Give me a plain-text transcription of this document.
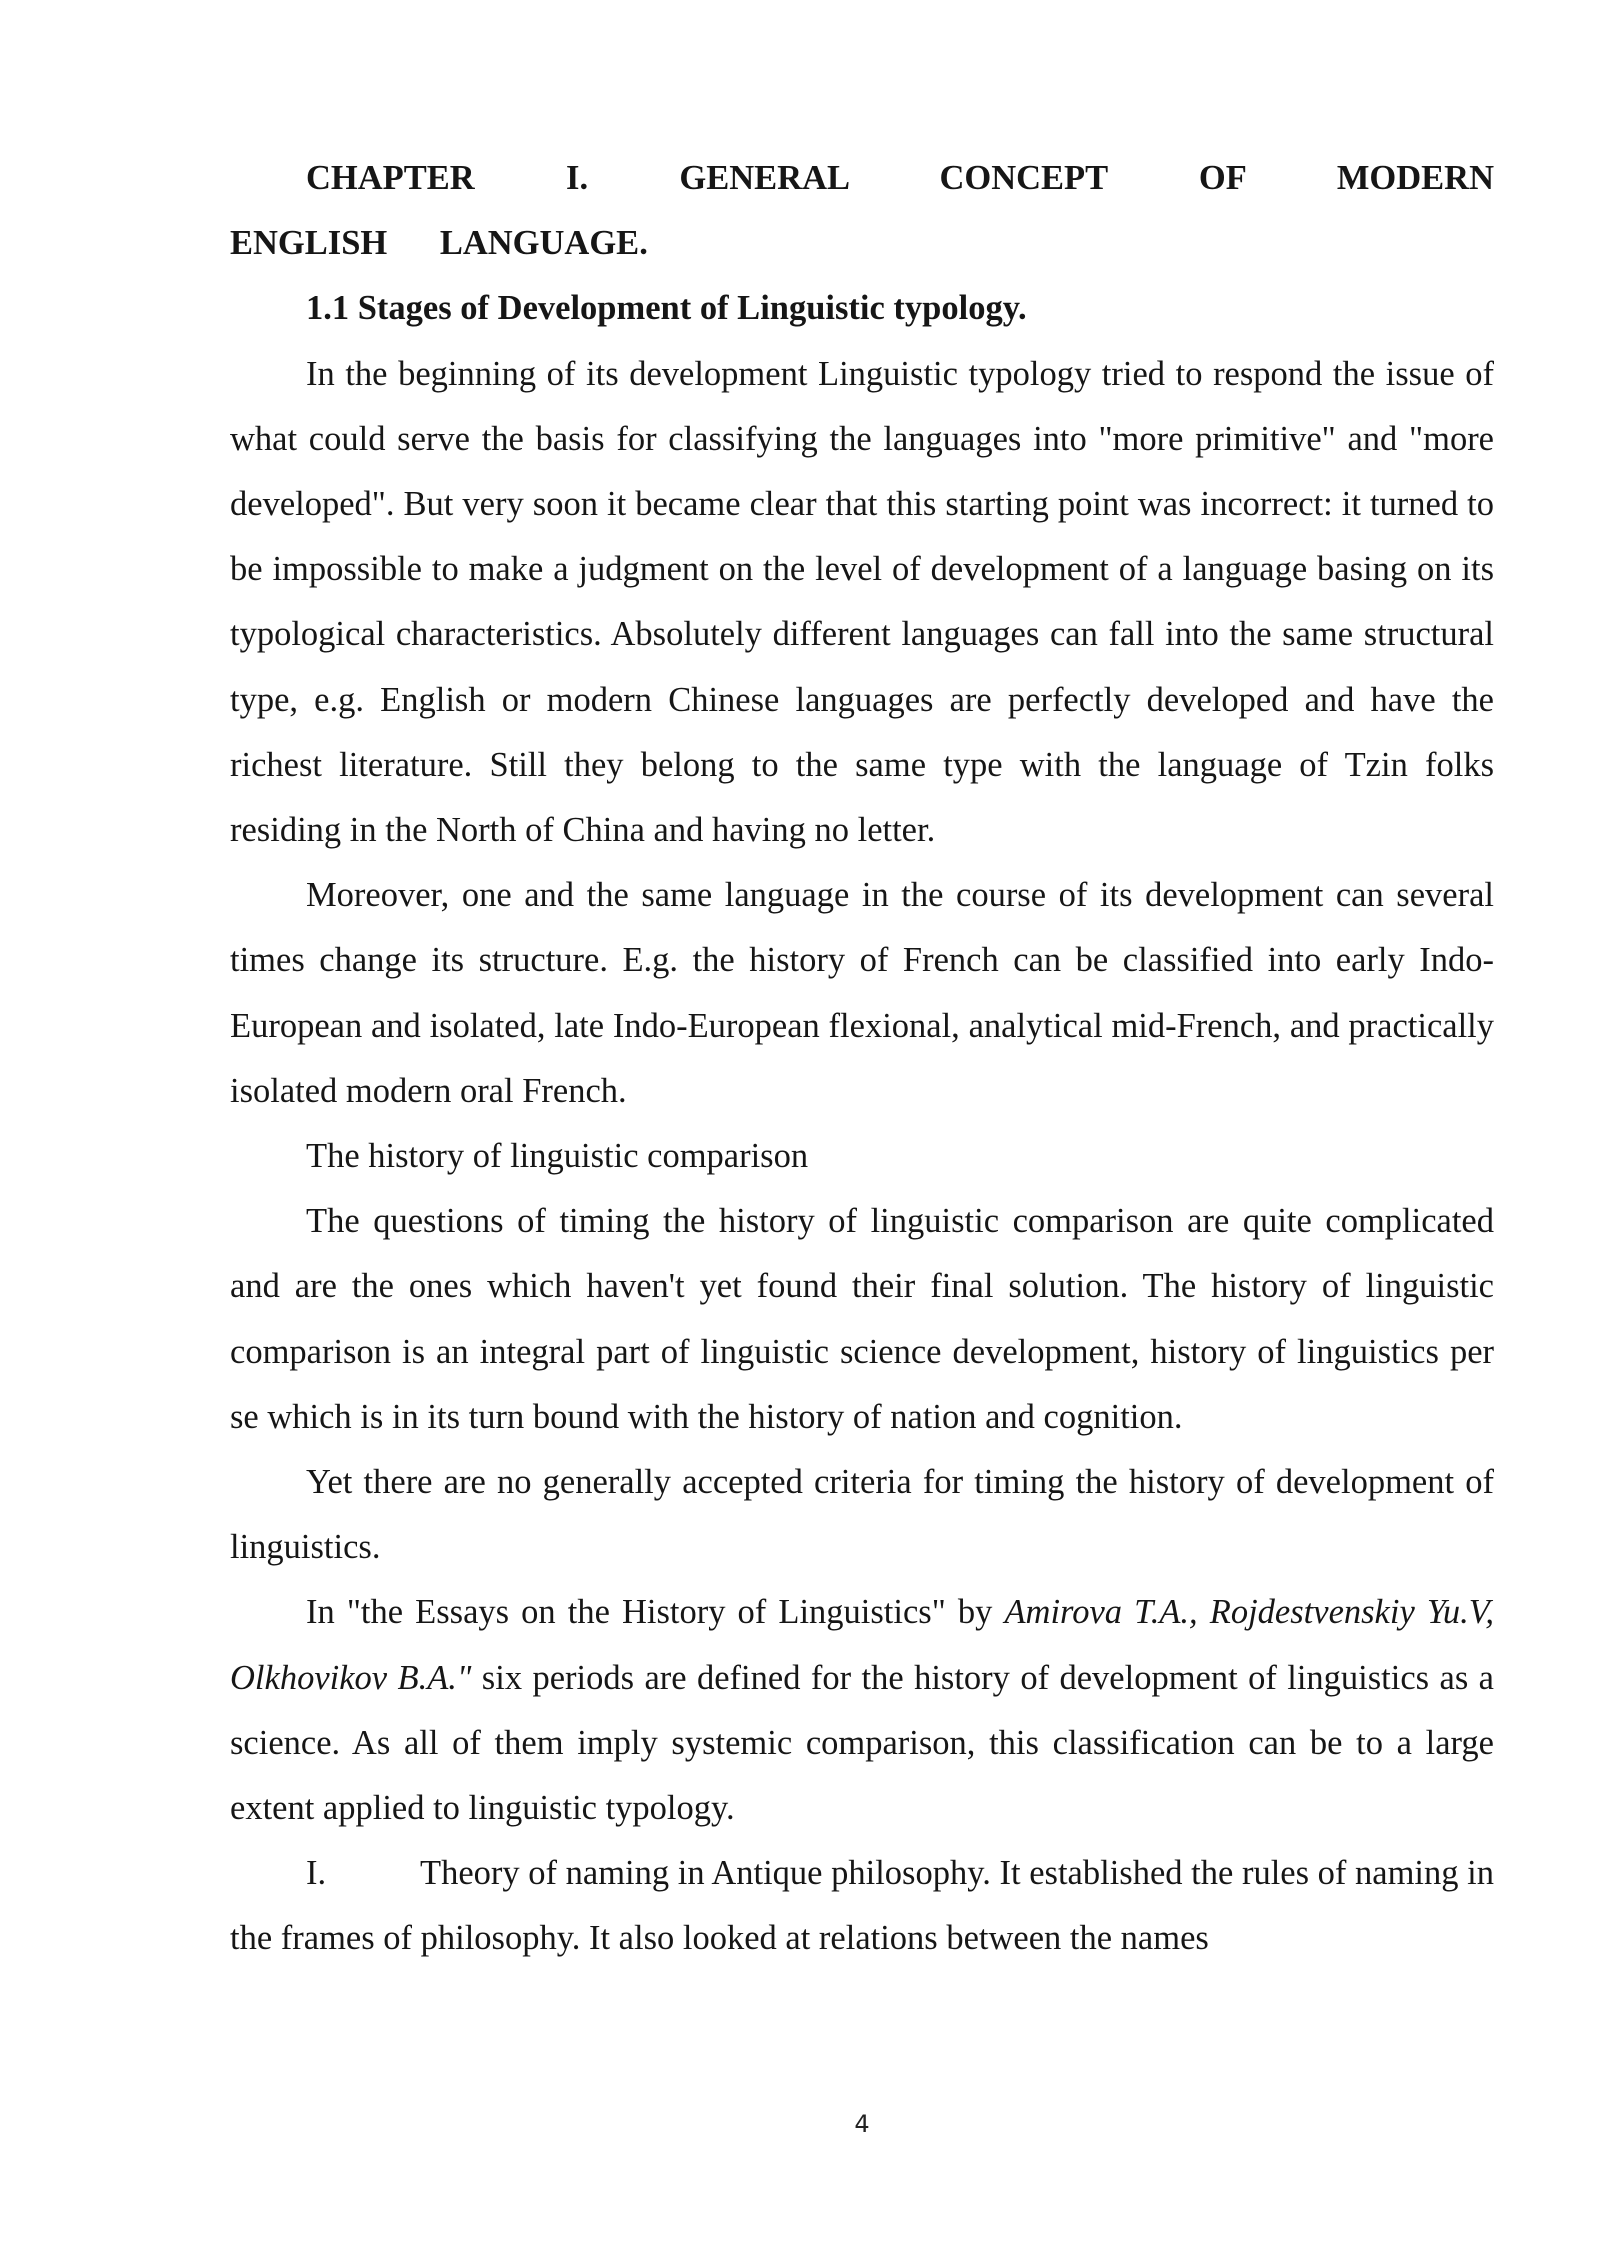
CHAPTER I. GENERAL CONCEPT OF MODERN ENGLISH LANGUAGE.

1.1 Stages of Development of Linguistic typology.

In the beginning of its development Linguistic typology tried to respond the issue of what could serve the basis for classifying the languages into "more primitive" and "more developed". But very soon it became clear that this starting point was incorrect: it turned to be impossible to make a judgment on the level of development of a language basing on its typological characteristics. Absolutely different languages can fall into the same structural type, e.g. English or modern Chinese languages are perfectly developed and have the richest literature. Still they belong to the same type with the language of Tzin folks residing in the North of China and having no letter.

Moreover, one and the same language in the course of its development can several times change its structure. E.g. the history of French can be classified into early Indo-European and isolated, late Indo-European flexional, analytical mid-French, and practically isolated modern oral French.

The history of linguistic comparison

The questions of timing the history of linguistic comparison are quite complicated and are the ones which haven't yet found their final solution. The history of linguistic comparison is an integral part of linguistic science development, history of linguistics per se which is in its turn bound with the history of nation and cognition.

Yet there are no generally accepted criteria for timing the history of development of linguistics.

In "the Essays on the History of Linguistics" by Amirova T.A., Rojdestvenskiy Yu.V, Olkhovikov B.A." six periods are defined for the history of development of linguistics as a science. As all of them imply systemic comparison, this classification can be to a large extent applied to linguistic typology.

I.	Theory of naming in Antique philosophy. It established the rules of naming in the frames of philosophy. It also looked at relations between the names

4
